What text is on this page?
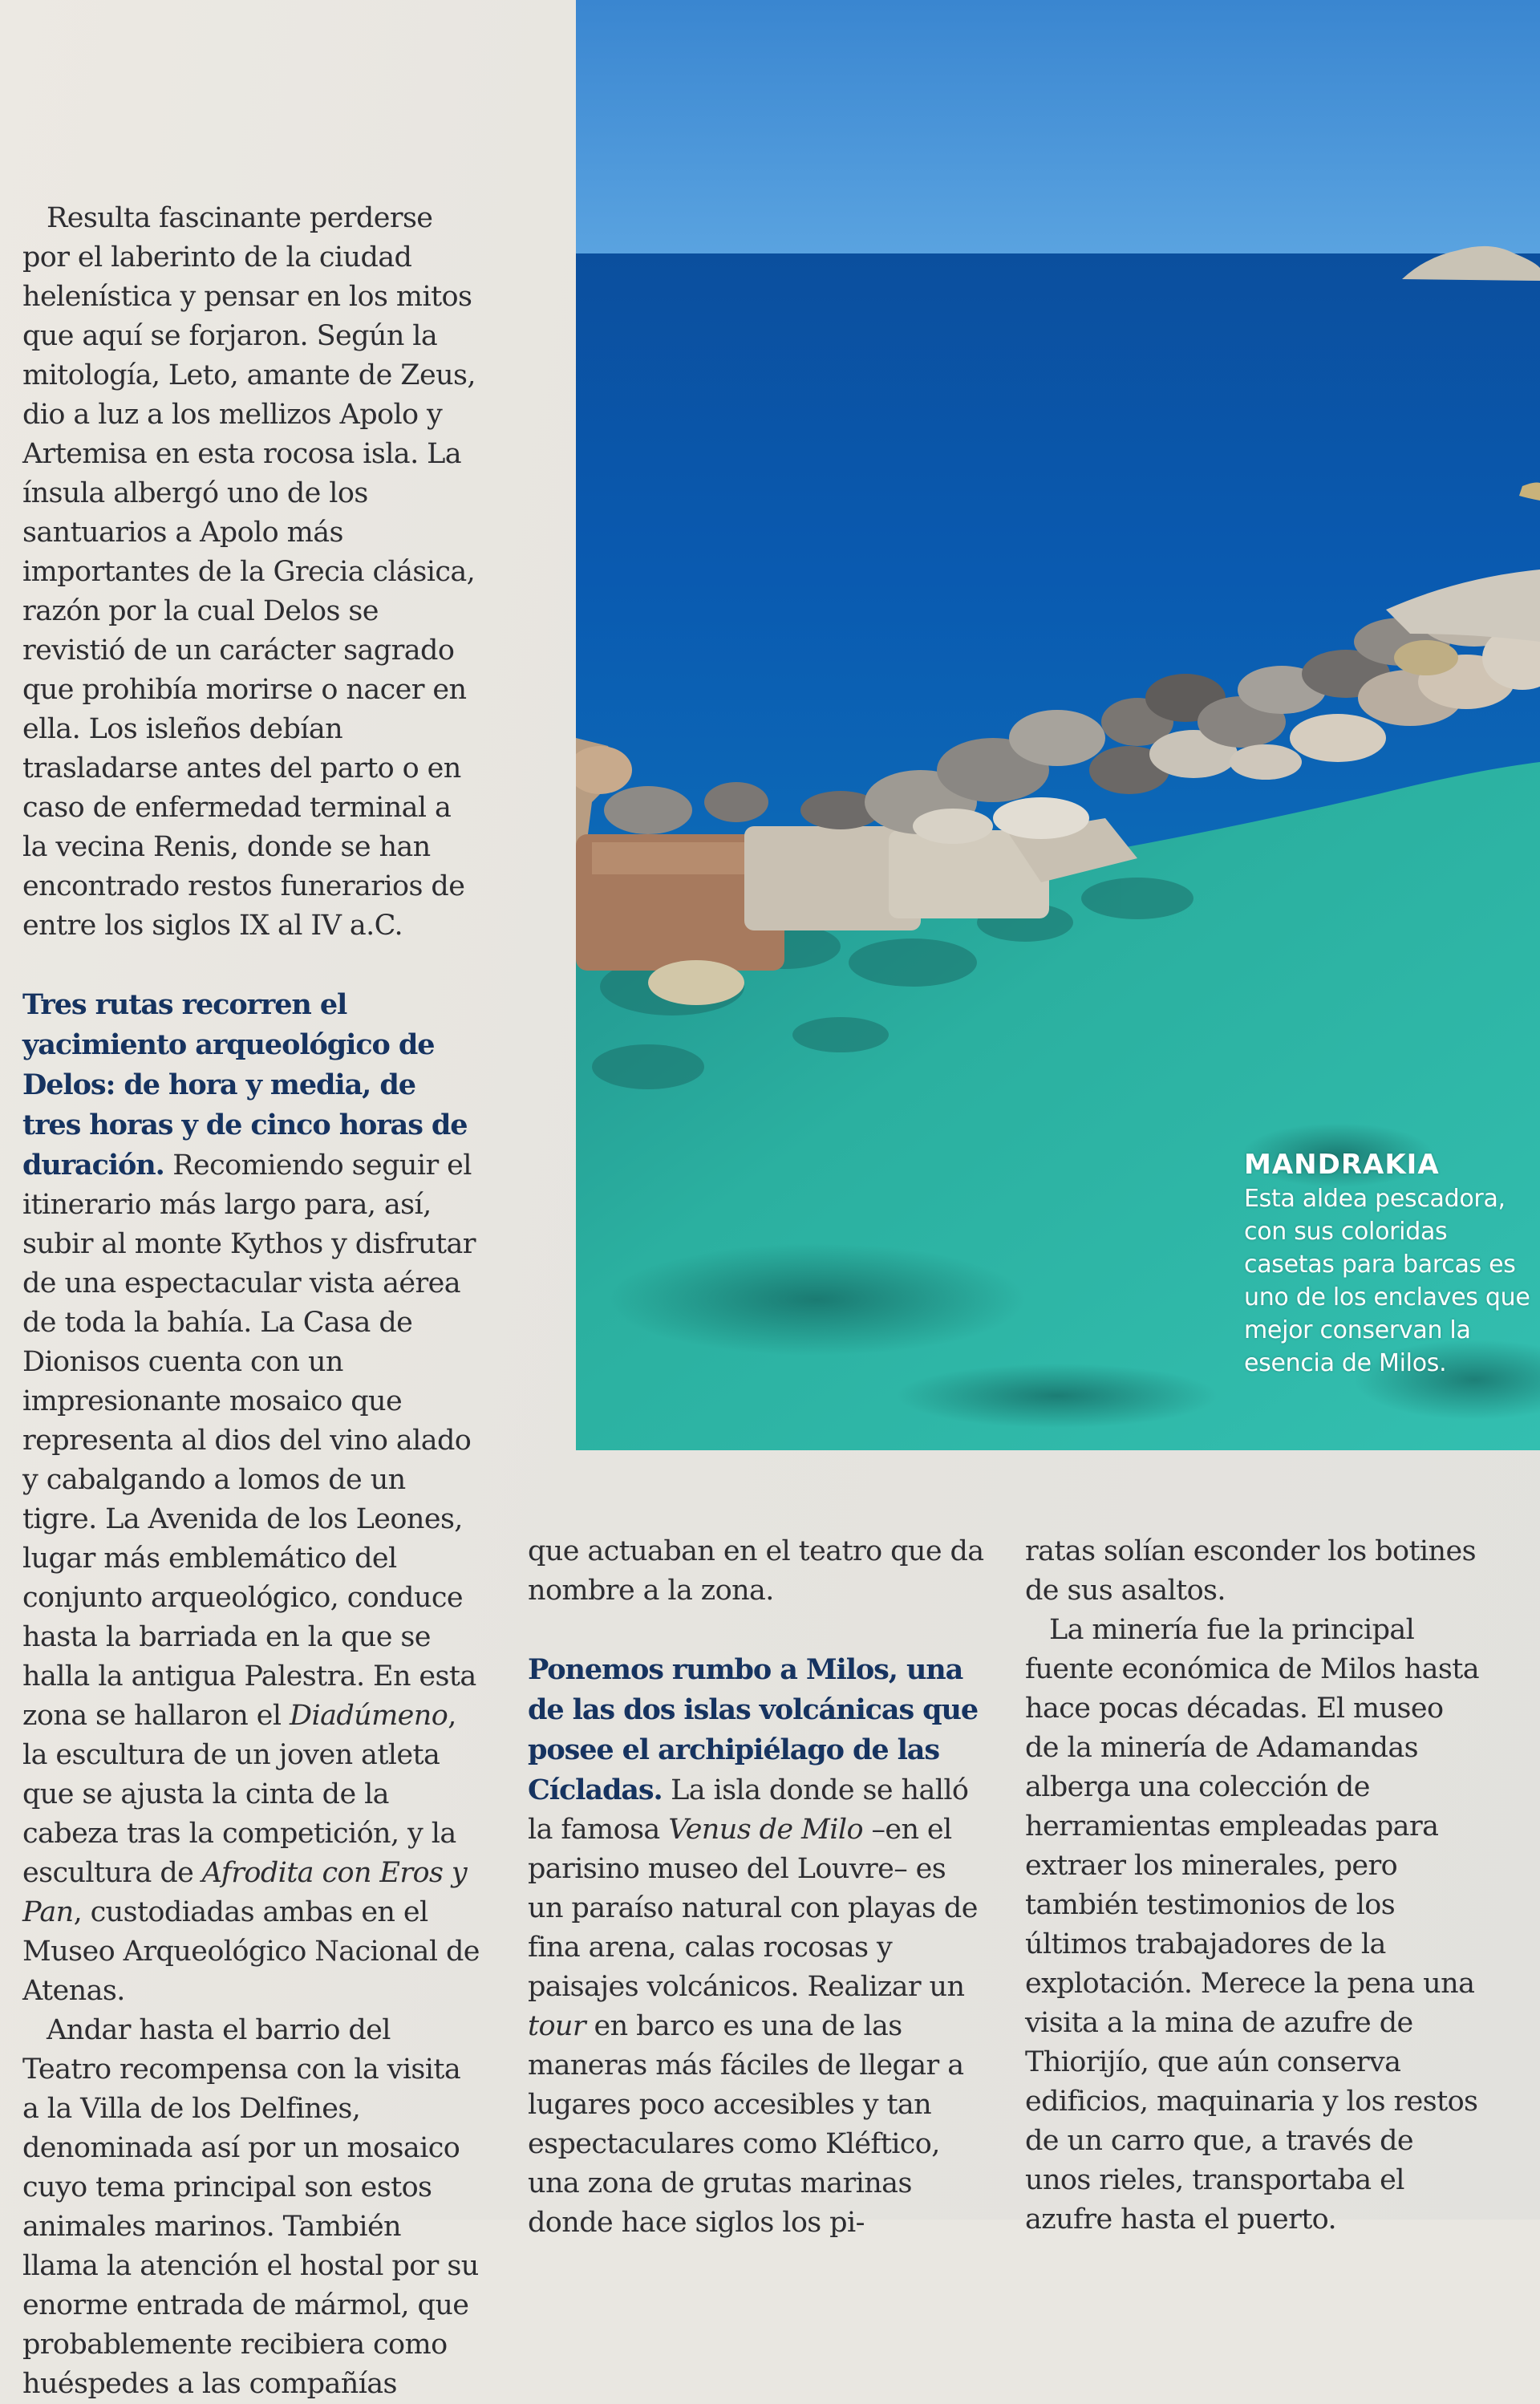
MANDRAKIA
Esta aldea pescadora, con sus coloridas casetas para barcas es uno de los enclaves que mejor conservan la esencia de Milos.

Resulta fascinante perderse por el laberinto de la ciudad helenística y pensar en los mitos que aquí se forjaron. Según la mitología, Leto, amante de Zeus, dio a luz a los mellizos Apolo y Artemisa en esta rocosa isla. La ínsula albergó uno de los santuarios a Apolo más importantes de la Grecia clásica, razón por la cual Delos se revistió de un carácter sagrado que prohibía morirse o nacer en ella. Los isleños debían trasladarse antes del parto o en caso de enfermedad terminal a la vecina Renis, donde se han encontrado restos funerarios de entre los siglos IX al IV a.C.

Tres rutas recorren el yacimiento arqueológico de Delos: de hora y media, de tres horas y de cinco horas de duración. Recomiendo seguir el itinerario más largo para, así, subir al monte Kythos y disfrutar de una espectacular vista aérea de toda la bahía. La Casa de Dionisos cuenta con un impresionante mosaico que representa al dios del vino alado y cabalgando a lomos de un tigre. La Avenida de los Leones, lugar más emblemático del conjunto arqueológico, conduce hasta la barriada en la que se halla la antigua Palestra. En esta zona se hallaron el Diadúmeno, la escultura de un joven atleta que se ajusta la cinta de la cabeza tras la competición, y la escultura de Afrodita con Eros y Pan, custodiadas ambas en el Museo Arqueológico Nacional de Atenas.

Andar hasta el barrio del Teatro recompensa con la visita a la Villa de los Delfines, denominada así por un mosaico cuyo tema principal son estos animales marinos. También llama la atención el hostal por su enorme entrada de mármol, que probablemente recibiera como huéspedes a las compañías

que actuaban en el teatro que da nombre a la zona.

Ponemos rumbo a Milos, una de las dos islas volcánicas que posee el archipiélago de las Cícladas. La isla donde se halló la famosa Venus de Milo –en el parisino museo del Louvre– es un paraíso natural con playas de fina arena, calas rocosas y paisajes volcánicos. Realizar un tour en barco es una de las maneras más fáciles de llegar a lugares poco accesibles y tan espectaculares como Kléftico, una zona de grutas marinas donde hace siglos los pi-

ratas solían esconder los botines de sus asaltos.

La minería fue la principal fuente económica de Milos hasta hace pocas décadas. El museo de la minería de Adamandas alberga una colección de herramientas empleadas para extraer los minerales, pero también testimonios de los últimos trabajadores de la explotación. Merece la pena una visita a la mina de azufre de Thiorijío, que aún conserva edificios, maquinaria y los restos de un carro que, a través de unos rieles, transportaba el azufre hasta el puerto.
